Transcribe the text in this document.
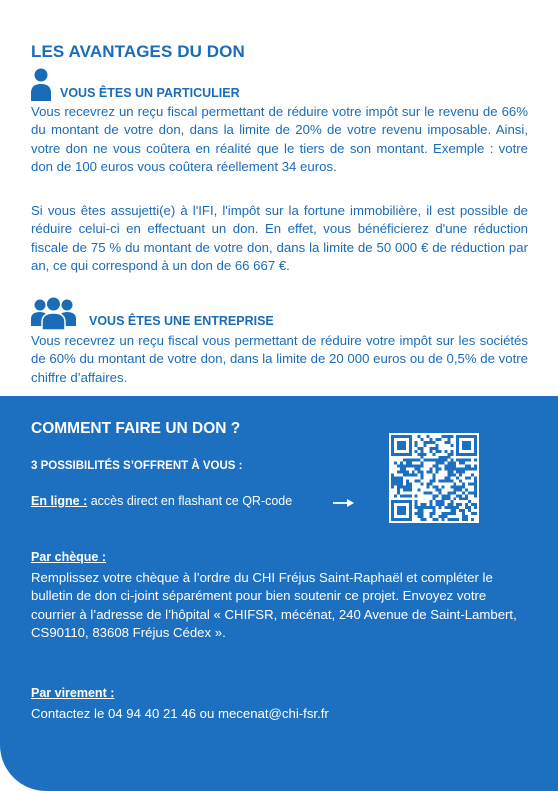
LES AVANTAGES DU DON
VOUS ÊTES UN PARTICULIER
Vous recevrez un reçu fiscal permettant de réduire votre impôt sur le revenu de 66% du montant de votre don, dans la limite de 20% de votre revenu imposable. Ainsi, votre don ne vous coûtera en réalité que le tiers de son montant. Exemple : votre don de 100 euros vous coûtera réellement 34 euros.
Si vous êtes assujetti(e) à l'IFI, l'impôt sur la fortune immobilière, il est possible de réduire celui-ci en effectuant un don. En effet, vous bénéficierez d'une réduction fiscale de 75 % du montant de votre don, dans la limite de 50 000 € de réduction par an, ce qui correspond à un don de 66 667 €.
VOUS ÊTES UNE ENTREPRISE
Vous recevrez un reçu fiscal vous permettant de réduire votre impôt sur les sociétés de 60% du montant de votre don, dans la limite de 20 000 euros ou de 0,5% de votre chiffre d’affaires.
COMMENT FAIRE UN DON ?
3 POSSIBILITÉS S’OFFRENT À VOUS :
En ligne : accès direct en flashant ce QR-code
Par chèque :
Remplissez votre chèque à l’ordre du CHI Fréjus Saint-Raphaël et compléter le bulletin de don ci-joint séparément pour bien soutenir ce projet. Envoyez votre courrier à l’adresse de l’hôpital « CHIFSR, mécénat, 240 Avenue de Saint-Lambert, CS90110, 83608 Fréjus Cédex ».
Par virement :
Contactez le 04 94 40 21 46 ou mecenat@chi-fsr.fr
